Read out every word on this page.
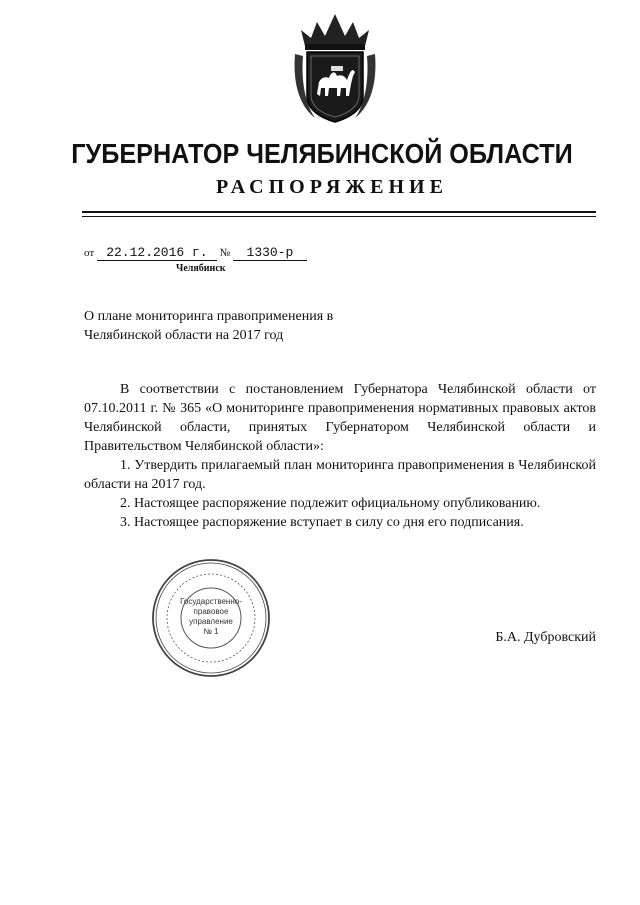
ГУБЕРНАТОР ЧЕЛЯБИНСКОЙ ОБЛАСТИ
РАСПОРЯЖЕНИЕ
от 22.12.2016 г. № 1330-р
Челябинск
О плане мониторинга правоприменения в
Челябинской области на 2017 год

В соответствии с постановлением Губернатора Челябинской области от 07.10.2011 г. № 365 «О мониторинге правоприменения нормативных правовых актов Челябинской области, принятых Губернатором Челябинской области и Правительством Челябинской области»:

1. Утвердить прилагаемый план мониторинга правоприменения в Челябинской области на 2017 год.

2. Настоящее распоряжение подлежит официальному опубликованию.

3. Настоящее распоряжение вступает в силу со дня его подписания.

Государственно-
правовое
управление
№ 1	Б.А. Дубровский
